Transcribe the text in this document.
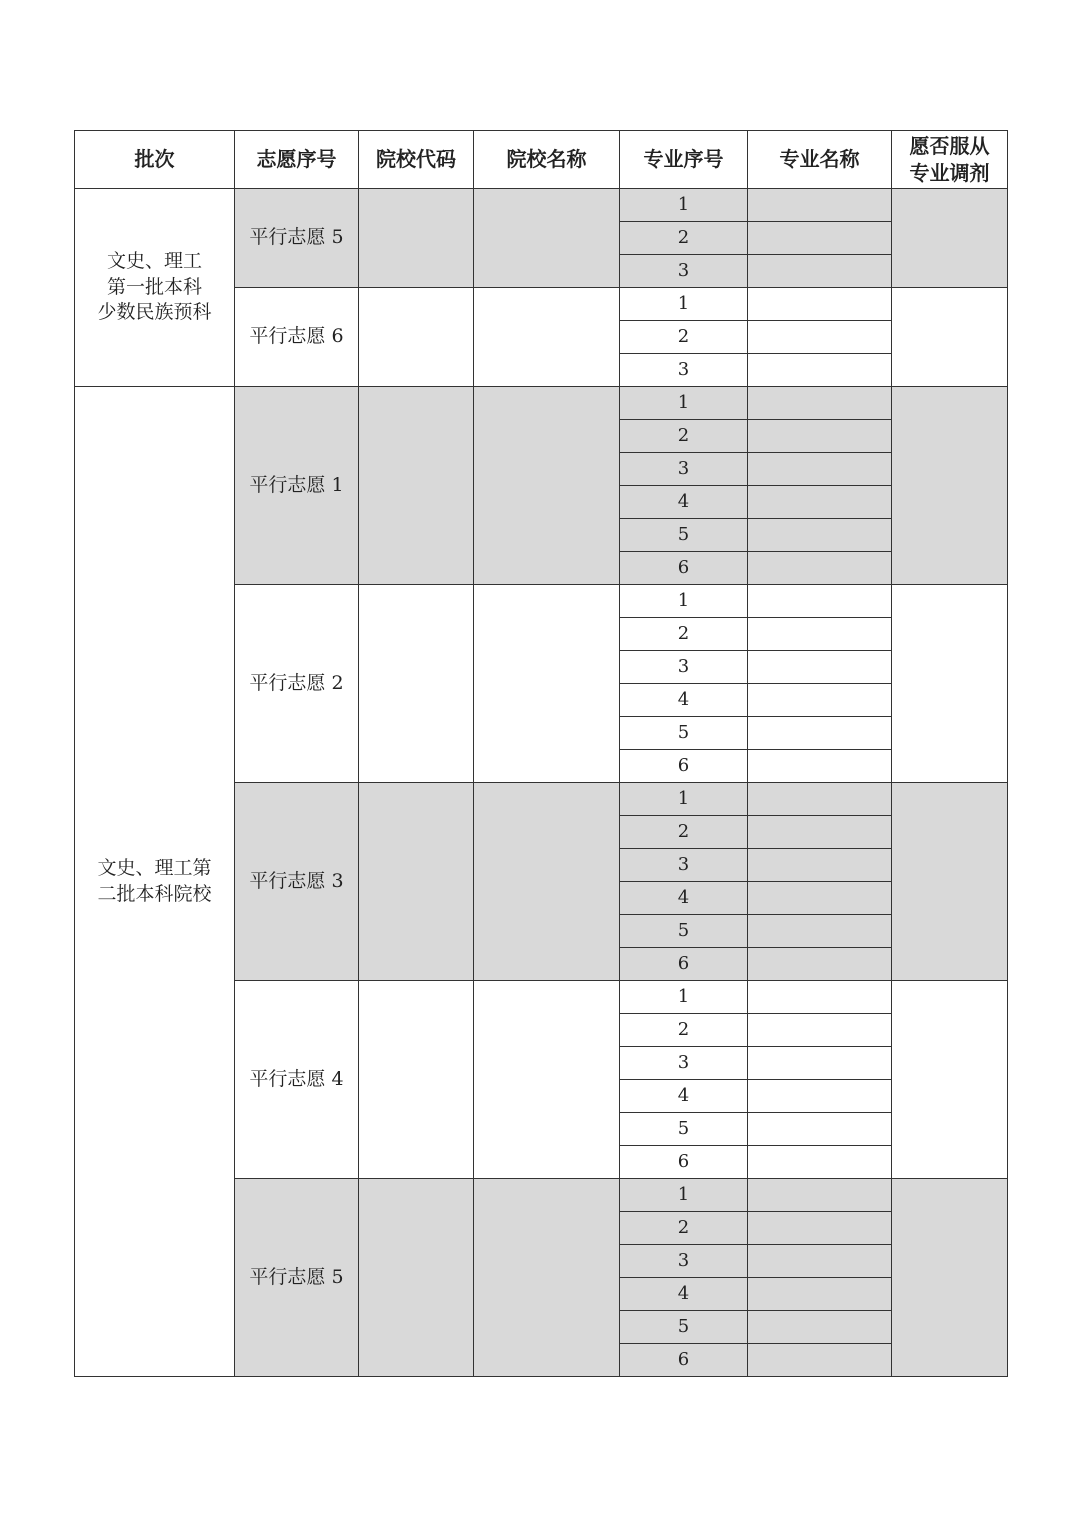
批次	志愿序号	院校代码	院校名称	专业序号	专业名称	愿否服从
专业调剂
文史、理工
第一批本科
少数民族预科	平行志愿 5			1		
				2		
				3		
	平行志愿 6			1		
				2		
				3		
文史、理工第
二批本科院校	平行志愿 1			1		
				2		
				3		
				4		
				5		
				6		
	平行志愿 2			1		
				2		
				3		
				4		
				5		
				6		
	平行志愿 3			1		
				2		
				3		
				4		
				5		
				6		
	平行志愿 4			1		
				2		
				3		
				4		
				5		
				6		
	平行志愿 5			1		
				2		
				3		
				4		
				5		
				6		
